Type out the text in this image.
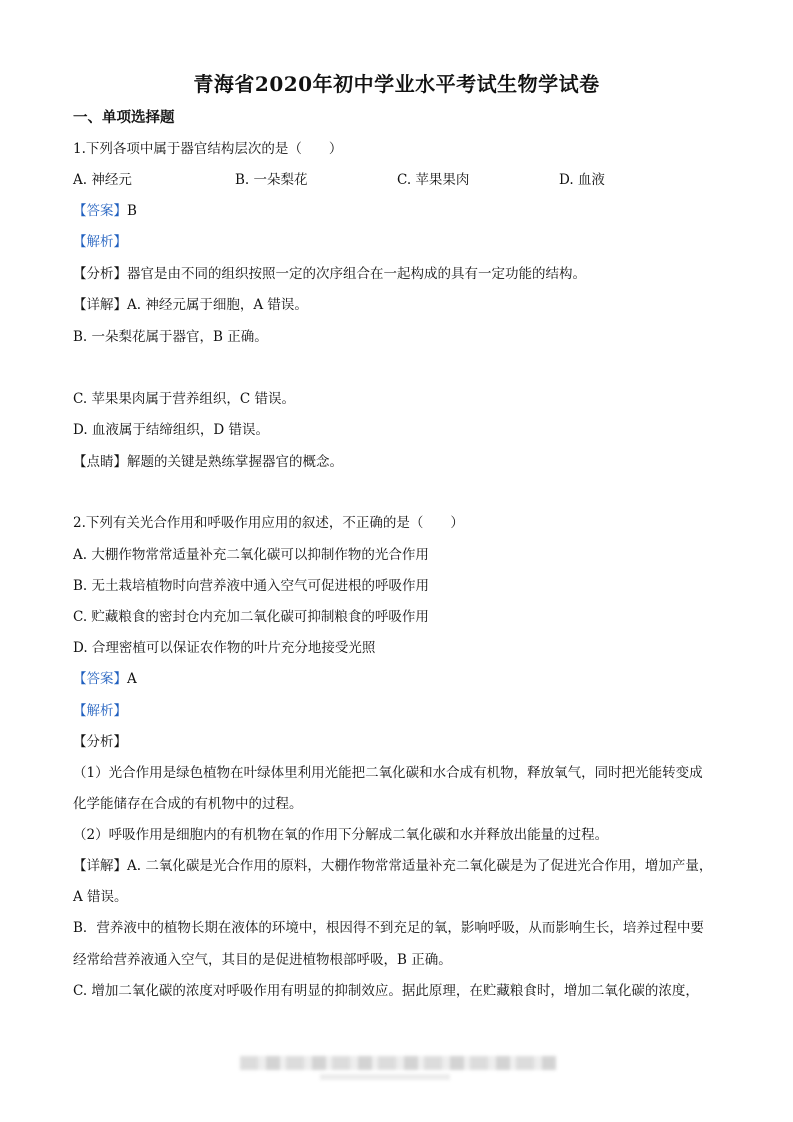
青海省2020年初中学业水平考试生物学试卷
一、单项选择题
1.下列各项中属于器官结构层次的是（　　）
A. 神经元	B. 一朵梨花	C. 苹果果肉	D. 血液
【答案】B
【解析】
【分析】器官是由不同的组织按照一定的次序组合在一起构成的具有一定功能的结构。
【详解】A. 神经元属于细胞，A 错误。
B. 一朵梨花属于器官，B 正确。
C. 苹果果肉属于营养组织，C 错误。
D. 血液属于结缔组织，D 错误。
【点睛】解题的关键是熟练掌握器官的概念。
2.下列有关光合作用和呼吸作用应用的叙述，不正确的是（　　）
A. 大棚作物常常适量补充二氧化碳可以抑制作物的光合作用
B. 无土栽培植物时向营养液中通入空气可促进根的呼吸作用
C. 贮藏粮食的密封仓内充加二氧化碳可抑制粮食的呼吸作用
D. 合理密植可以保证农作物的叶片充分地接受光照
【答案】A
【解析】
【分析】
（1）光合作用是绿色植物在叶绿体里利用光能把二氧化碳和水合成有机物，释放氧气，同时把光能转变成
化学能储存在合成的有机物中的过程。
（2）呼吸作用是细胞内的有机物在氧的作用下分解成二氧化碳和水并释放出能量的过程。
【详解】A. 二氧化碳是光合作用的原料，大棚作物常常适量补充二氧化碳是为了促进光合作用，增加产量，
A 错误。
B．营养液中的植物长期在液体的环境中，根因得不到充足的氧，影响呼吸，从而影响生长，培养过程中要
经常给营养液通入空气，其目的是促进植物根部呼吸，B 正确。
C. 增加二氧化碳的浓度对呼吸作用有明显的抑制效应。据此原理，在贮藏粮食时，增加二氧化碳的浓度，
